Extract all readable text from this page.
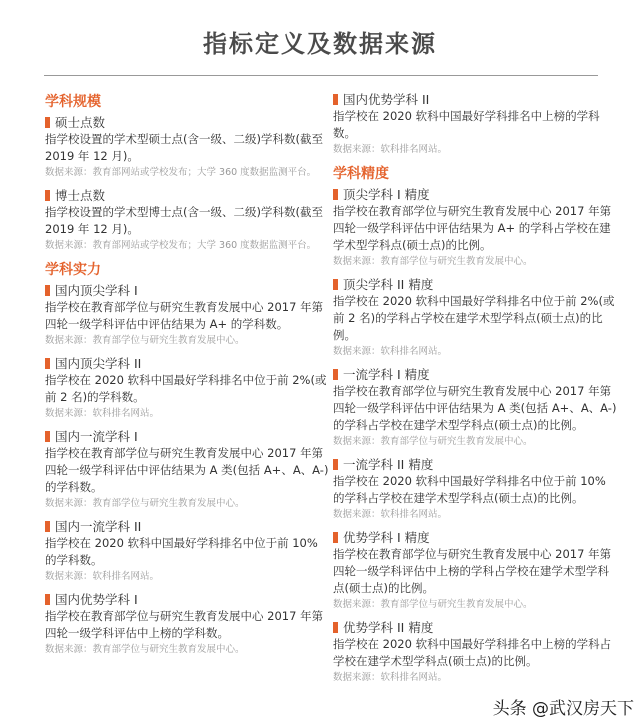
指标定义及数据来源
学科规模
硕士点数
指学校设置的学术型硕士点(含一级、二级)学科数(截至2019 年 12 月)。
数据来源：教育部网站或学校发布；大学 360 度数据监测平台。
博士点数
指学校设置的学术型博士点(含一级、二级)学科数(截至2019 年 12 月)。
数据来源：教育部网站或学校发布；大学 360 度数据监测平台。
学科实力
国内顶尖学科 I
指学校在教育部学位与研究生教育发展中心 2017 年第四轮一级学科评估中评估结果为 A+ 的学科数。
数据来源：教育部学位与研究生教育发展中心。
国内顶尖学科 II
指学校在 2020 软科中国最好学科排名中位于前 2%(或前 2 名)的学科数。
数据来源：软科排名网站。
国内一流学科 I
指学校在教育部学位与研究生教育发展中心 2017 年第四轮一级学科评估中评估结果为 A 类(包括 A+、A、A-)的学科数。
数据来源：教育部学位与研究生教育发展中心。
国内一流学科 II
指学校在 2020 软科中国最好学科排名中位于前 10% 的学科数。
数据来源：软科排名网站。
国内优势学科 I
指学校在教育部学位与研究生教育发展中心 2017 年第四轮一级学科评估中上榜的学科数。
数据来源：教育部学位与研究生教育发展中心。
国内优势学科 II
指学校在 2020 软科中国最好学科排名中上榜的学科数。
数据来源：软科排名网站。
学科精度
顶尖学科 I 精度
指学校在教育部学位与研究生教育发展中心 2017 年第四轮一级学科评估中评估结果为 A+ 的学科占学校在建学术型学科点(硕士点)的比例。
数据来源：教育部学位与研究生教育发展中心。
顶尖学科 II 精度
指学校在 2020 软科中国最好学科排名中位于前 2%(或前 2 名)的学科占学校在建学术型学科点(硕士点)的比例。
数据来源：软科排名网站。
一流学科 I 精度
指学校在教育部学位与研究生教育发展中心 2017 年第四轮一级学科评估中评估结果为 A 类(包括 A+、A、A-)的学科占学校在建学术型学科点(硕士点)的比例。
数据来源：教育部学位与研究生教育发展中心。
一流学科 II 精度
指学校在 2020 软科中国最好学科排名中位于前 10% 的学科占学校在建学术型学科点(硕士点)的比例。
数据来源：软科排名网站。
优势学科 I 精度
指学校在教育部学位与研究生教育发展中心 2017 年第四轮一级学科评估中上榜的学科占学校在建学术型学科点(硕士点)的比例。
数据来源：教育部学位与研究生教育发展中心。
优势学科 II 精度
指学校在 2020 软科中国最好学科排名中上榜的学科占学校在建学术型学科点(硕士点)的比例。
数据来源：软科排名网站。
头条 @武汉房天下
